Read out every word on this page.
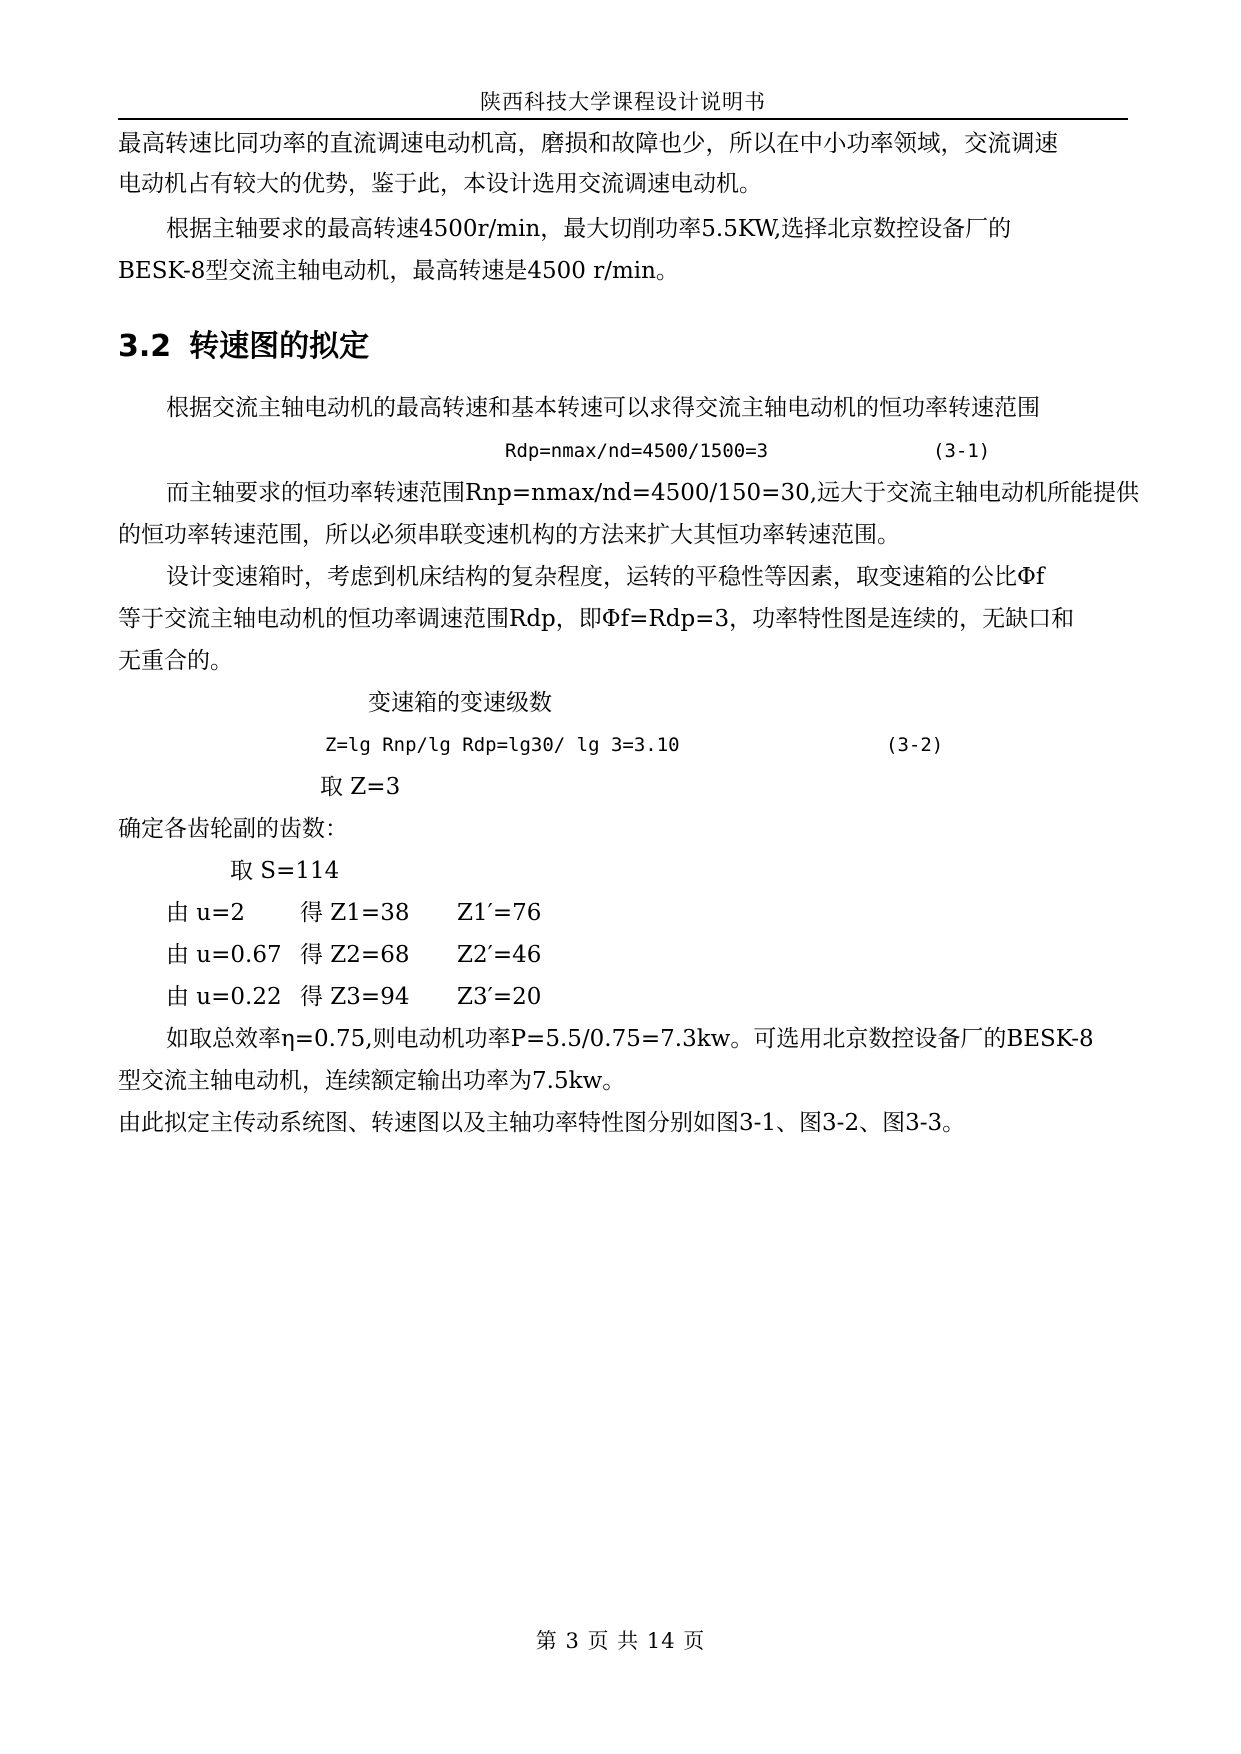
陕西科技大学课程设计说明书
最高转速比同功率的直流调速电动机高，磨损和故障也少，所以在中小功率领域，交流调速
电动机占有较大的优势，鉴于此，本设计选用交流调速电动机。
根据主轴要求的最高转速4500r/min，最大切削功率5.5KW,选择北京数控设备厂的
BESK-8型交流主轴电动机，最高转速是4500 r/min。
3.2 转速图的拟定
根据交流主轴电动机的最高转速和基本转速可以求得交流主轴电动机的恒功率转速范围
Rdp=nmax/nd=4500/1500=3	(3-1)
而主轴要求的恒功率转速范围Rnp=nmax/nd=4500/150=30,远大于交流主轴电动机所能提供
的恒功率转速范围，所以必须串联变速机构的方法来扩大其恒功率转速范围。
设计变速箱时，考虑到机床结构的复杂程度，运转的平稳性等因素，取变速箱的公比Φf
等于交流主轴电动机的恒功率调速范围Rdp，即Φf=Rdp=3，功率特性图是连续的，无缺口和
无重合的。
变速箱的变速级数
Z=lg Rnp/lg Rdp=lg30/ lg 3=3.10	(3-2)
取 Z=3
确定各齿轮副的齿数：
取 S=114
由 u=2 得 Z1=38 Z1′=76
由 u=0.67 得 Z2=68 Z2′=46
由 u=0.22 得 Z3=94 Z3′=20
如取总效率η=0.75,则电动机功率P=5.5/0.75=7.3kw。可选用北京数控设备厂的BESK-8
型交流主轴电动机，连续额定输出功率为7.5kw。
由此拟定主传动系统图、转速图以及主轴功率特性图分别如图3-1、图3-2、图3-3。
第 3 页 共 14 页
